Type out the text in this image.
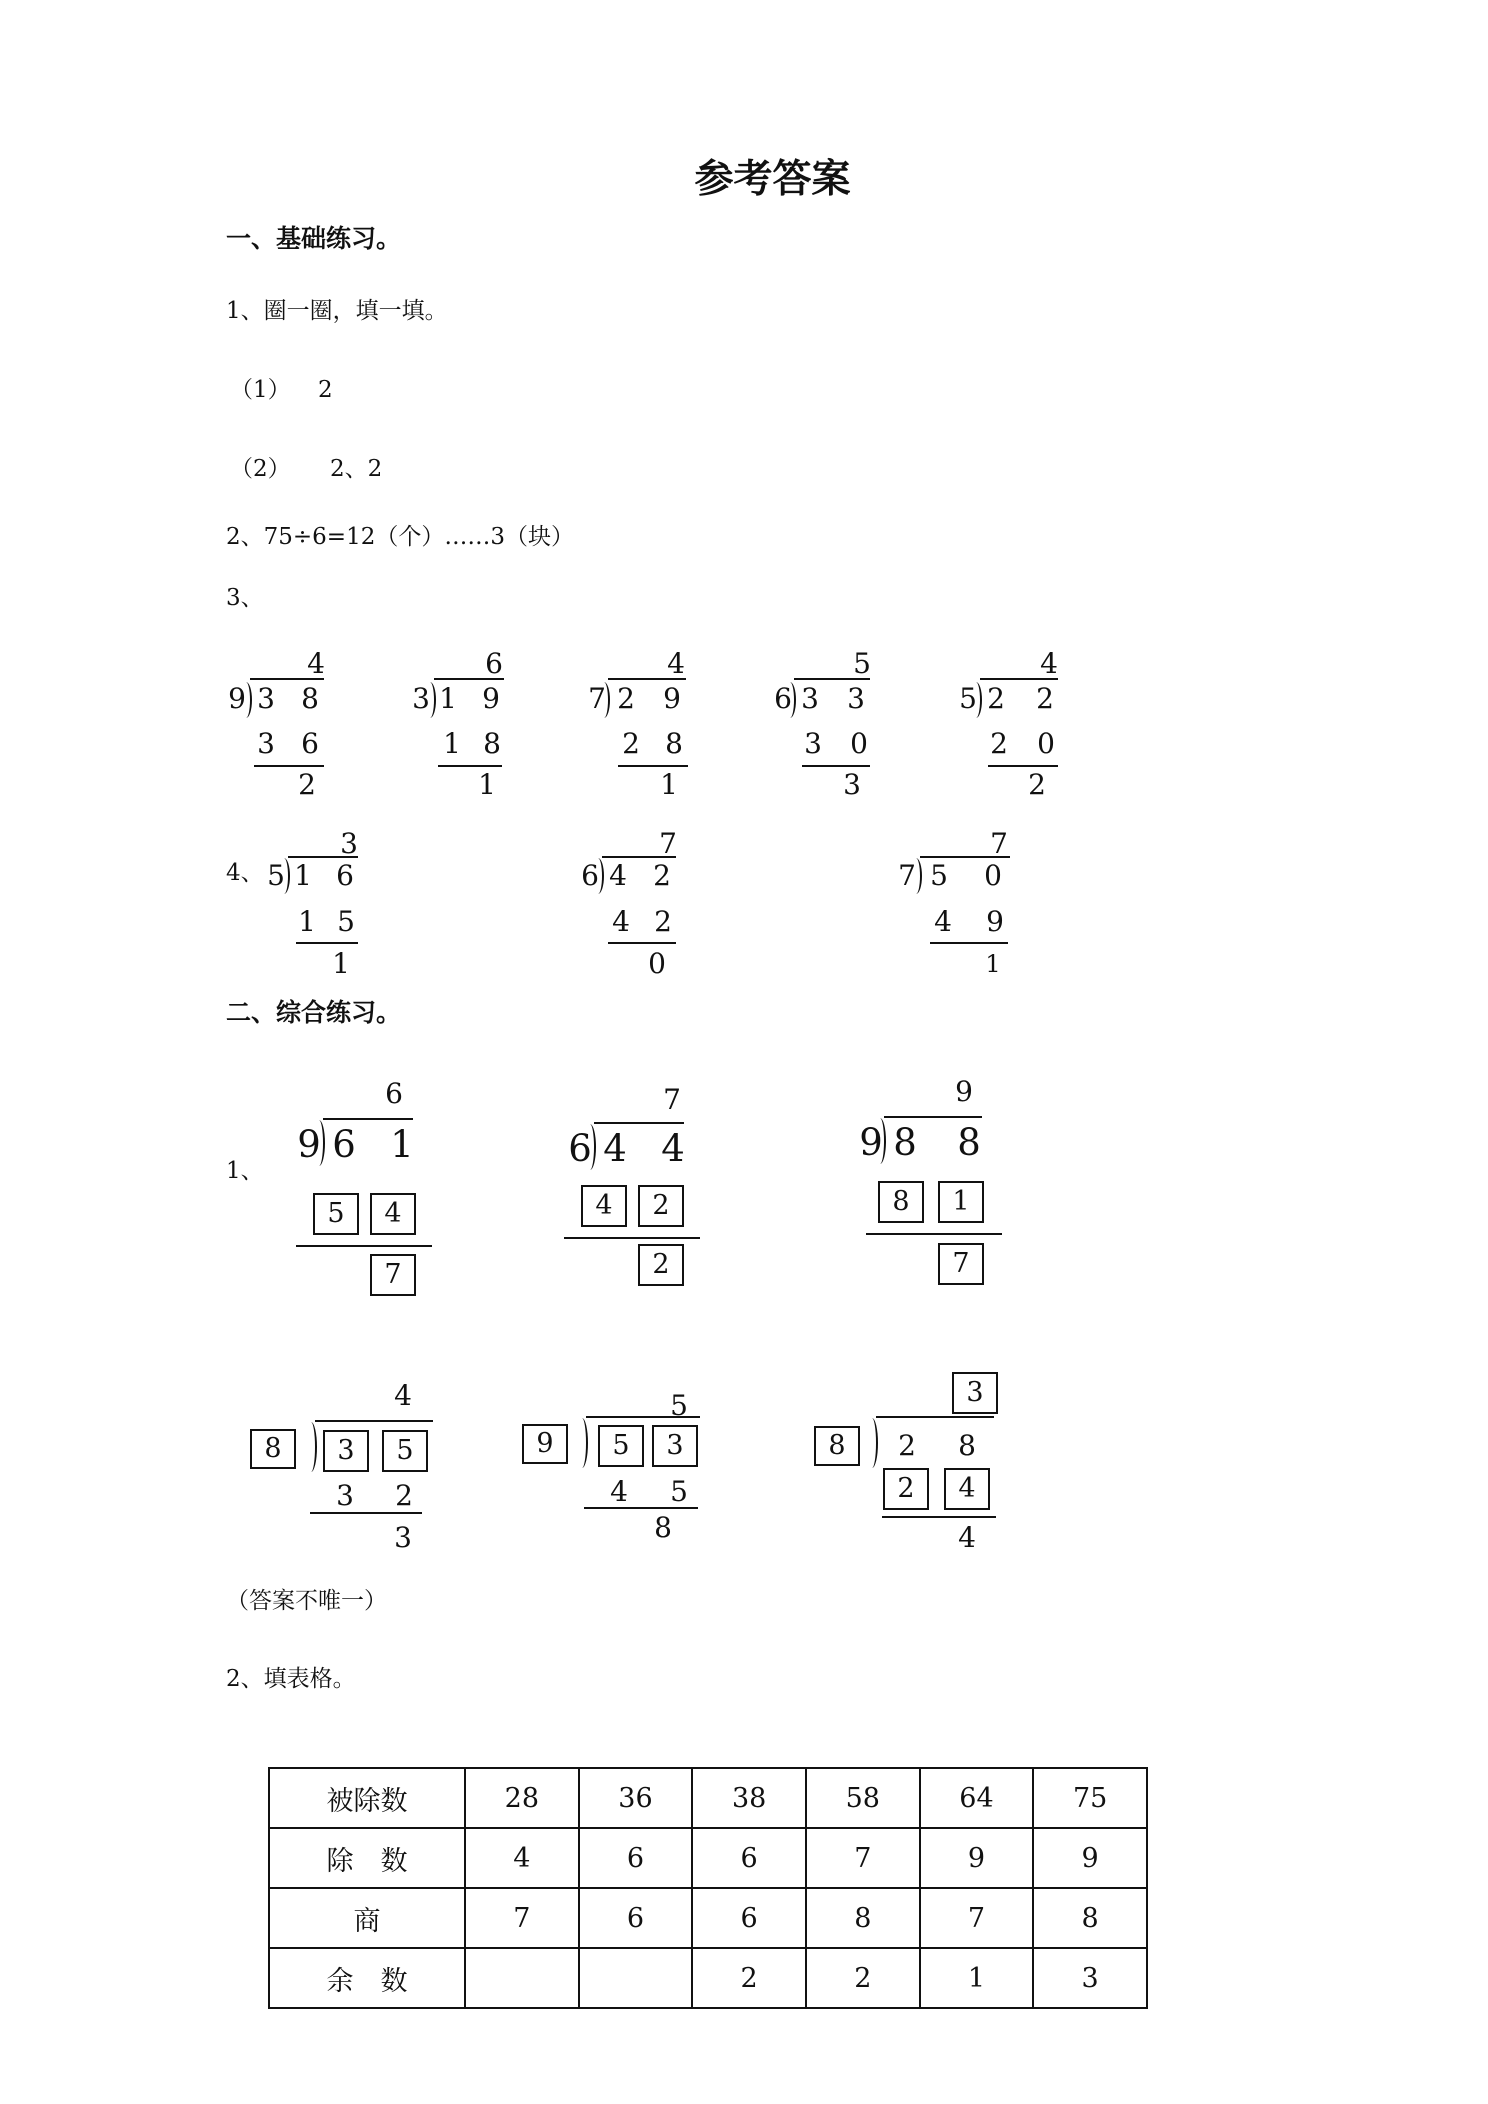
参考答案
一、基础练习。
1、圈一圈，填一填。
（1） 2
（2） 2、2
2、75÷6=12（个）……3（块）
3、
4
9 3 8
3 6
2
6
3 1 9
1 8
1
4
7 2 9
2 8
1
5
6 3 3
3 0
3
4
5 2 2
2 0
2
4、
3
5 1 6
1 5
1
7
6 4 2
4 2
0
7
7 5 0
4 9
1
二、综合练习。
1、
6
9 6 1
5	4
7
7
6 4 4
4	2
2
9
9 8 8
8	1
7
4
8	3	5
3 2
3
5
9	5	3
4 5
8
3
8	2 8
2	4
4
（答案不唯一）
2、填表格。
被除数	28	36	38	58	64	75
除　数	4	6	6	7	9	9
商	7	6	6	8	7	8
余　数			2	2	1	3
